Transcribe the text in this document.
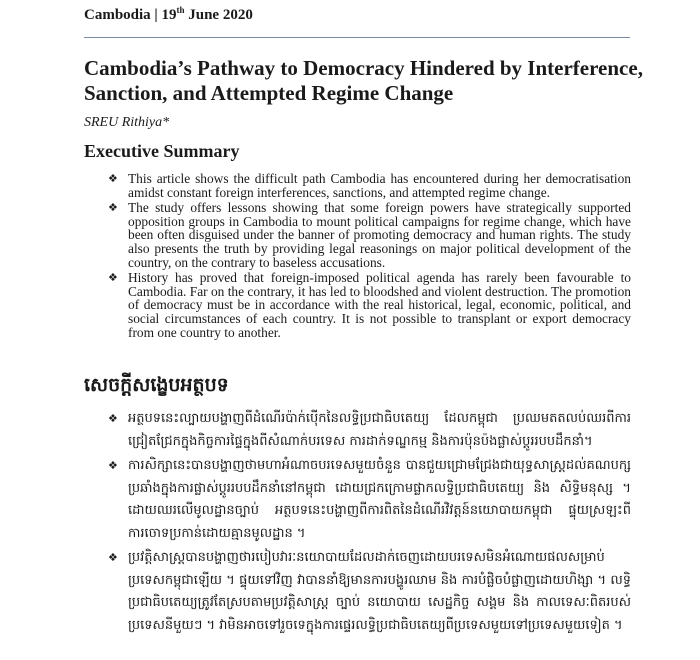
Cambodia | 19th June 2020
Cambodia’s Pathway to Democracy Hindered by Interference, Sanction, and Attempted Regime Change
SREU Rithiya*
Executive Summary
❖ This article shows the difficult path Cambodia has encountered during her democratisation amidst constant foreign interferences, sanctions, and attempted regime change.
❖ The study offers lessons showing that some foreign powers have strategically supported opposition groups in Cambodia to mount political campaigns for regime change, which have been often disguised under the banner of promoting democracy and human rights. The study also presents the truth by providing legal reasonings on major political development of the country, on the contrary to baseless accusations.
❖ History has proved that foreign-imposed political agenda has rarely been favourable to Cambodia. Far on the contrary, it has led to bloodshed and violent destruction. The promotion of democracy must be in accordance with the real historical, legal, economic, political, and social circumstances of each country. It is not possible to transplant or export democracy from one country to another.
សេចក្តីសង្ខេបអត្ថបទ
❖ អត្ថបទនេះល្បាយបង្ហាញពីដំណើរប៉ាក់ប៉ើកនៃលទ្ធិប្រជាធិបតេយ្យ ដែលកម្ពុជា ប្រឈមតតលប់ឈរពីការជ្រៀតជ្រែកក្នុងកិច្ចការផ្ទៃក្នុងពីសំណាក់បរទេស ការដាក់ទណ្ឌកម្ម និងការប៉ុនប៉ងផ្លាស់ប្តូររបបដឹកនាំ។
❖ ការសិក្សានេះបានបង្ហាញថាមហាអំណាចបរទេសមួយចំនួន បានជួយជ្រោមជ្រែងជាយុទ្ធសាស្ត្រដល់គណបក្សប្រឆាំងក្នុងការផ្លាស់ប្តូររបបដឹកនាំនៅកម្ពុជា ដោយជ្រកក្រោមផ្លាកលទ្ធិប្រជាធិបតេយ្យ និង សិទ្ធិមនុស្ស ។ ដោយឈរលើមូលដ្ឋានច្បាប់ អត្ថបទនេះបង្ហាញពីការពិតនៃដំណើរវិវត្តន៍នយោបាយកម្ពុជា ផ្ទុយស្រឡះពីការចោទប្រកាន់ដោយគ្មានមូលដ្ឋាន ។
❖ ប្រវត្តិសាស្ត្របានបង្ហាញថារបៀបវារៈនយោបាយដែលដាក់ចេញដោយបរទេសមិនអំណោយផលសម្រាប់ប្រទេសកម្ពុជាឡើយ ។ ផ្ទុយទៅវិញ វាបាននាំឱ្យមានការបង្ហូរឈាម និង ការបំផ្លិចបំផ្លាញដោយហិង្សា ។ លទ្ធិប្រជាធិបតេយ្យត្រូវតែស្របតាមប្រវត្តិសាស្ត្រ ច្បាប់ នយោបាយ សេដ្ឋកិច្ច សង្គម និង កាលទេសៈពិតរបស់ប្រទេសនីមួយៗ ។ វាមិនអាចទៅរួចទេក្នុងការផ្ទេរលទ្ធិប្រជាធិបតេយ្យពីប្រទេសមួយទៅប្រទេសមួយទៀត ។
